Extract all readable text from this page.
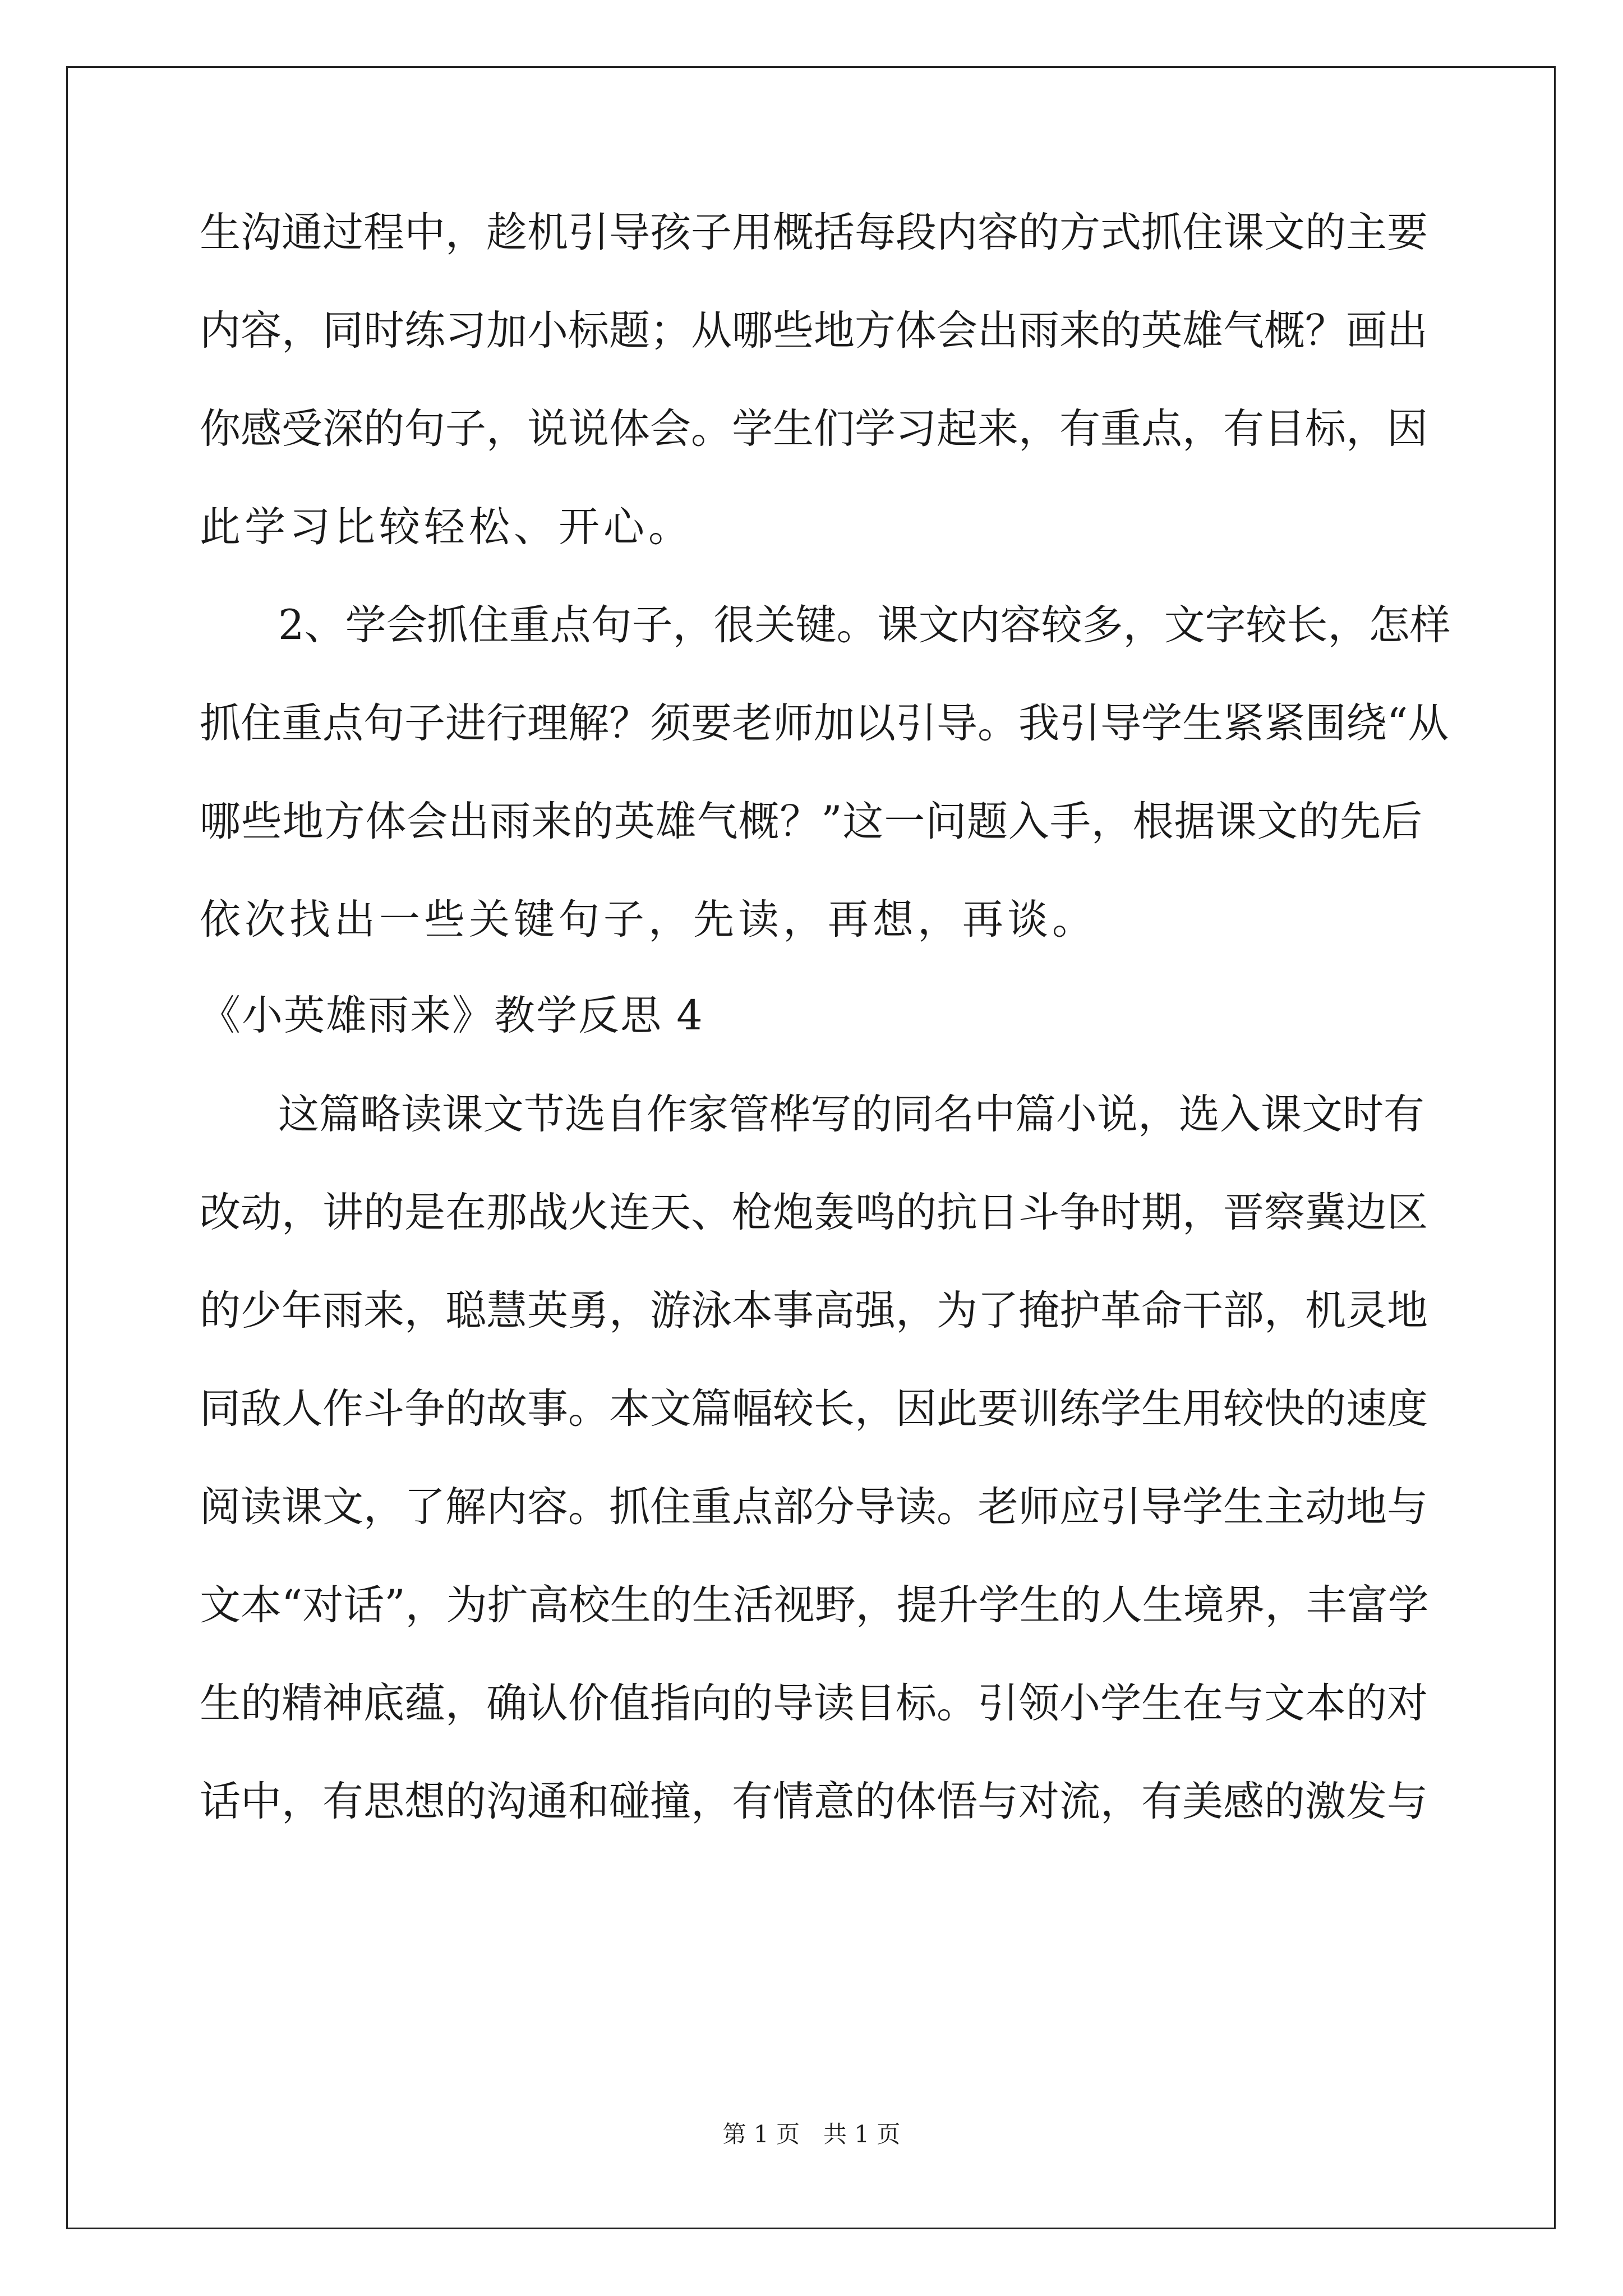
生沟通过程中，趁机引导孩子用概括每段内容的方式抓住课文的主要
内容，同时练习加小标题；从哪些地方体会出雨来的英雄气概？画出
你感受深的句子，说说体会。学生们学习起来，有重点，有目标，因
此学习比较轻松、开心。
2、学会抓住重点句子，很关键。课文内容较多，文字较长，怎样
抓住重点句子进行理解？须要老师加以引导。我引导学生紧紧围绕“从
哪些地方体会出雨来的英雄气概？”这一问题入手，根据课文的先后
依次找出一些关键句子，先读，再想，再谈。
《小英雄雨来》教学反思 4
这篇略读课文节选自作家管桦写的同名中篇小说，选入课文时有
改动，讲的是在那战火连天、枪炮轰鸣的抗日斗争时期，晋察冀边区
的少年雨来，聪慧英勇，游泳本事高强，为了掩护革命干部，机灵地
同敌人作斗争的故事。本文篇幅较长，因此要训练学生用较快的速度
阅读课文，了解内容。抓住重点部分导读。老师应引导学生主动地与
文本“对话”，为扩高校生的生活视野，提升学生的人生境界，丰富学
生的精神底蕴，确认价值指向的导读目标。引领小学生在与文本的对
话中，有思想的沟通和碰撞，有情意的体悟与对流，有美感的激发与
第 1 页　共 1 页
